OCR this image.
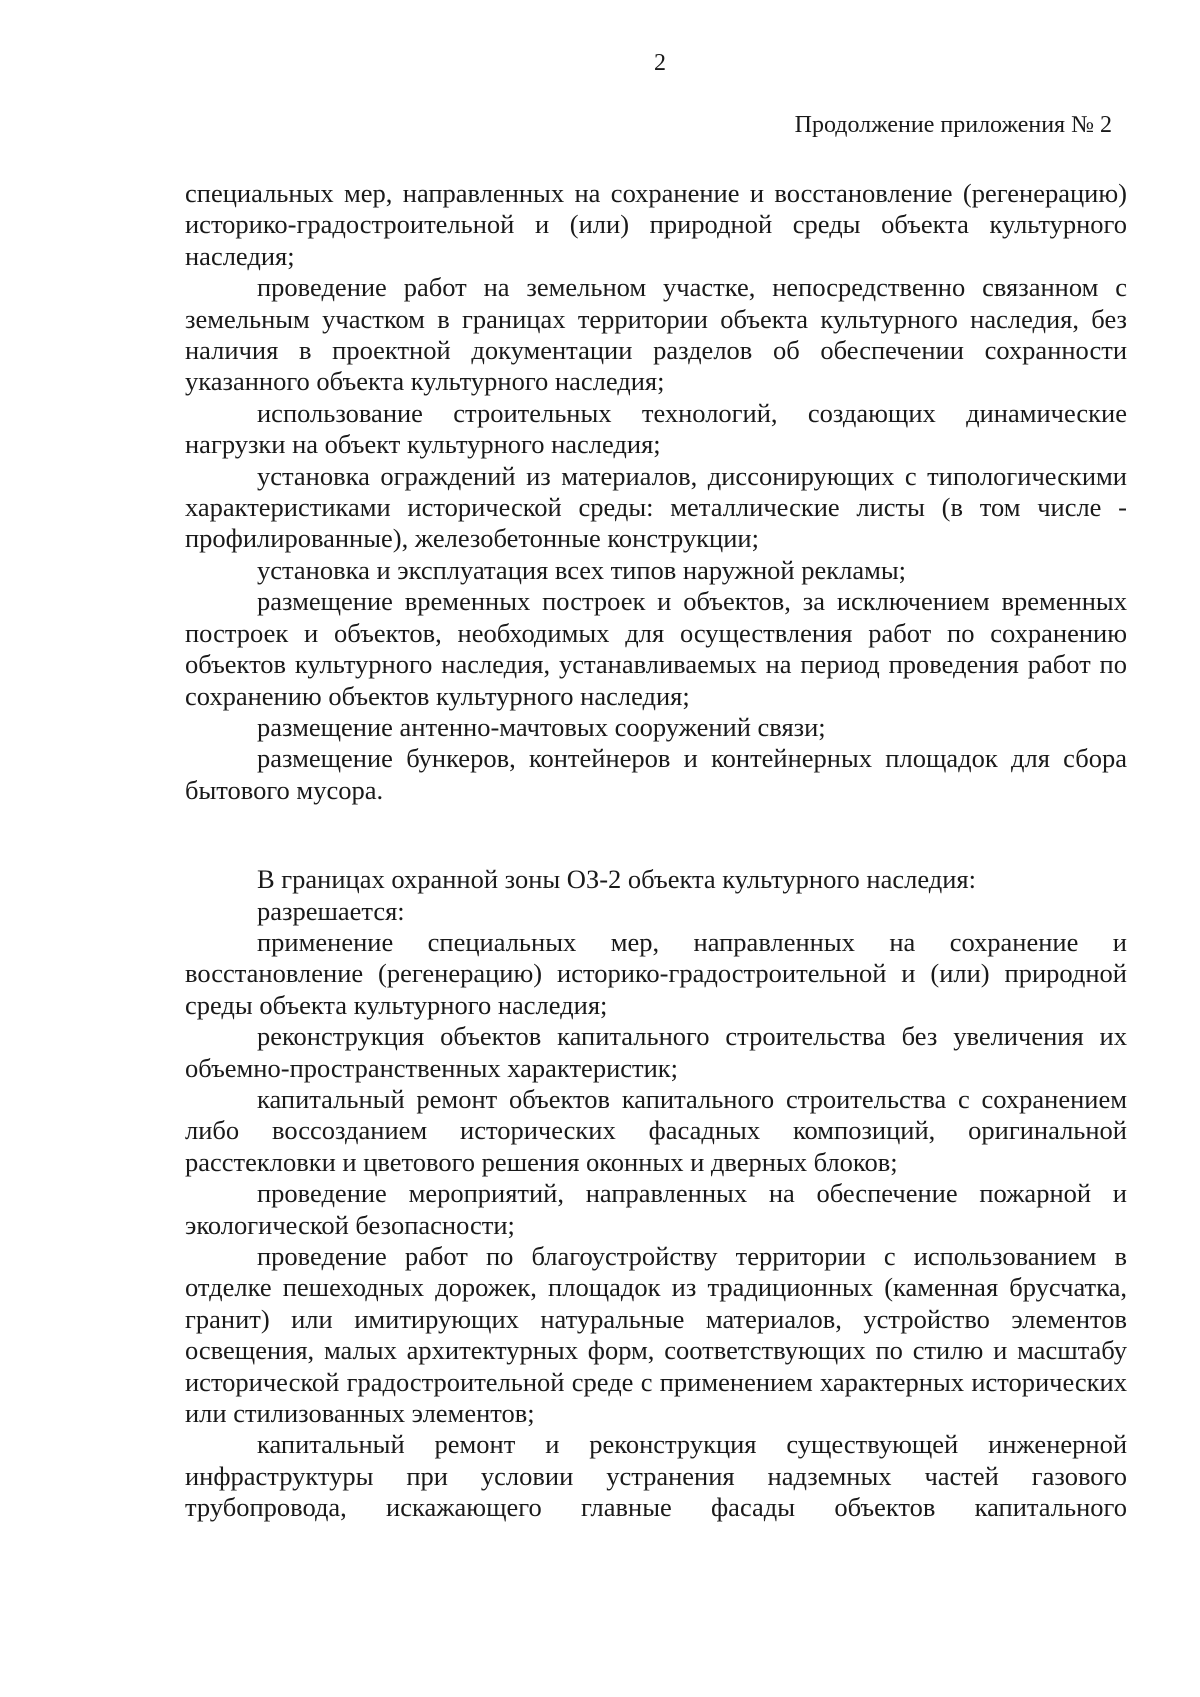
2
Продолжение приложения № 2

специальных мер, направленных на сохранение и восстановление (регенерацию) историко-градостроительной и (или) природной среды объекта культурного наследия;

проведение работ на земельном участке, непосредственно связанном с земельным участком в границах территории объекта культурного наследия, без наличия в проектной документации разделов об обеспечении сохранности указанного объекта культурного наследия;

использование строительных технологий, создающих динамические нагрузки на объект культурного наследия;

установка ограждений из материалов, диссонирующих с типологическими характеристиками исторической среды: металлические листы (в том числе - профилированные), железобетонные конструкции;

установка и эксплуатация всех типов наружной рекламы;

размещение временных построек и объектов, за исключением временных построек и объектов, необходимых для осуществления работ по сохранению объектов культурного наследия, устанавливаемых на период проведения работ по сохранению объектов культурного наследия;

размещение антенно-мачтовых сооружений связи;

размещение бункеров, контейнеров и контейнерных площадок для сбора бытового мусора.

В границах охранной зоны ОЗ-2 объекта культурного наследия:

разрешается:

применение специальных мер, направленных на сохранение и восстановление (регенерацию) историко-градостроительной и (или) природной среды объекта культурного наследия;

реконструкция объектов капитального строительства без увеличения их объемно-пространственных характеристик;

капитальный ремонт объектов капитального строительства с сохранением либо воссозданием исторических фасадных композиций, оригинальной расстекловки и цветового решения оконных и дверных блоков;

проведение мероприятий, направленных на обеспечение пожарной и экологической безопасности;

проведение работ по благоустройству территории с использованием в отделке пешеходных дорожек, площадок из традиционных (каменная брусчатка, гранит) или имитирующих натуральные материалов, устройство элементов освещения, малых архитектурных форм, соответствующих по стилю и масштабу исторической градостроительной среде с применением характерных исторических или стилизованных элементов;

капитальный ремонт и реконструкция существующей инженерной инфраструктуры при условии устранения надземных частей газового трубопровода, искажающего главные фасады объектов капитального
